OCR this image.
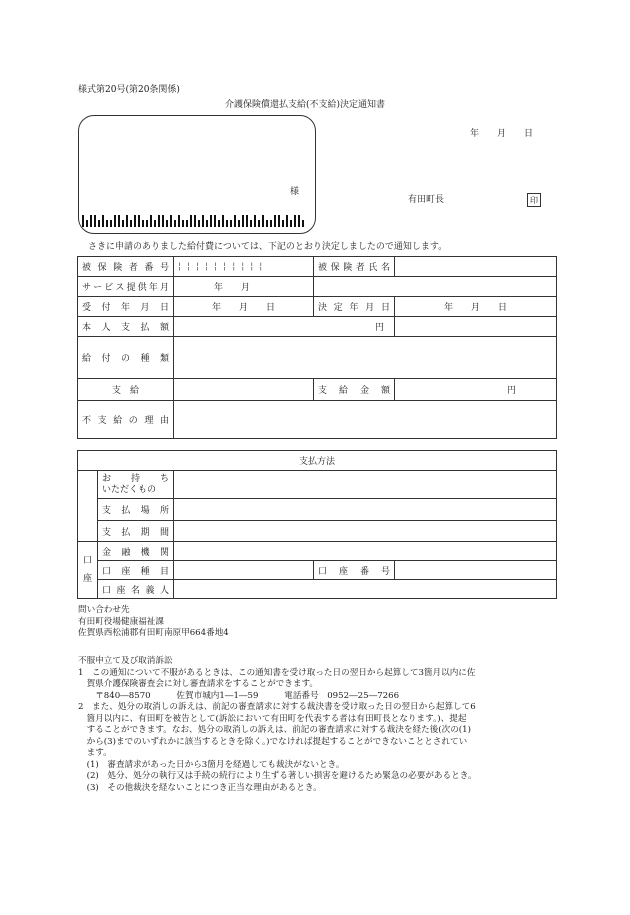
様式第20号(第20条関係)
介護保険償還払支給(不支給)決定通知書
年　　月　　日
様
有田町長	印
さきに申請のありました給付費については、下記のとおり決定しましたので通知します。
被保険者番号	¦¦¦¦¦¦¦¦¦¦	被保険者氏名	
サービス提供年月	年　　月		
受付年月日	年　　月　　日	決定年月日	年　　月　　日
本人支払額	円		
給付の種類			
支　給		支給金額	円
不支給の理由			
支払方法				

	お　持　ち
いただくもの			

	支払場所			
	支払期間			

口
座	金融機関			
	口座種目		口座番号	
	口座名義人			

問い合わせ先

有田町役場健康福祉課

佐賀県西松浦郡有田町南原甲664番地4

不服申立て及び取消訴訟

1　この通知について不服があるときは、この通知書を受け取った日の翌日から起算して3箇月以内に佐

　賀県介護保険審査会に対し審査請求をすることができます。

　　〒840―8570　　　佐賀市城内1―1―59　　　電話番号　0952―25―7266

2　また、処分の取消しの訴えは、前記の審査請求に対する裁決書を受け取った日の翌日から起算して6

　箇月以内に、有田町を被告として(訴訟において有田町を代表する者は有田町長となります。)、提起

　することができます。なお、処分の取消しの訴えは、前記の審査請求に対する裁決を経た後(次の(1)

　から(3)までのいずれかに該当するときを除く。)でなければ提起することができないこととされてい

　ます。

　(1)　審査請求があった日から3箇月を経過しても裁決がないとき。

　(2)　処分、処分の執行又は手続の続行により生ずる著しい損害を避けるため緊急の必要があるとき。

　(3)　その他裁決を経ないことにつき正当な理由があるとき。
